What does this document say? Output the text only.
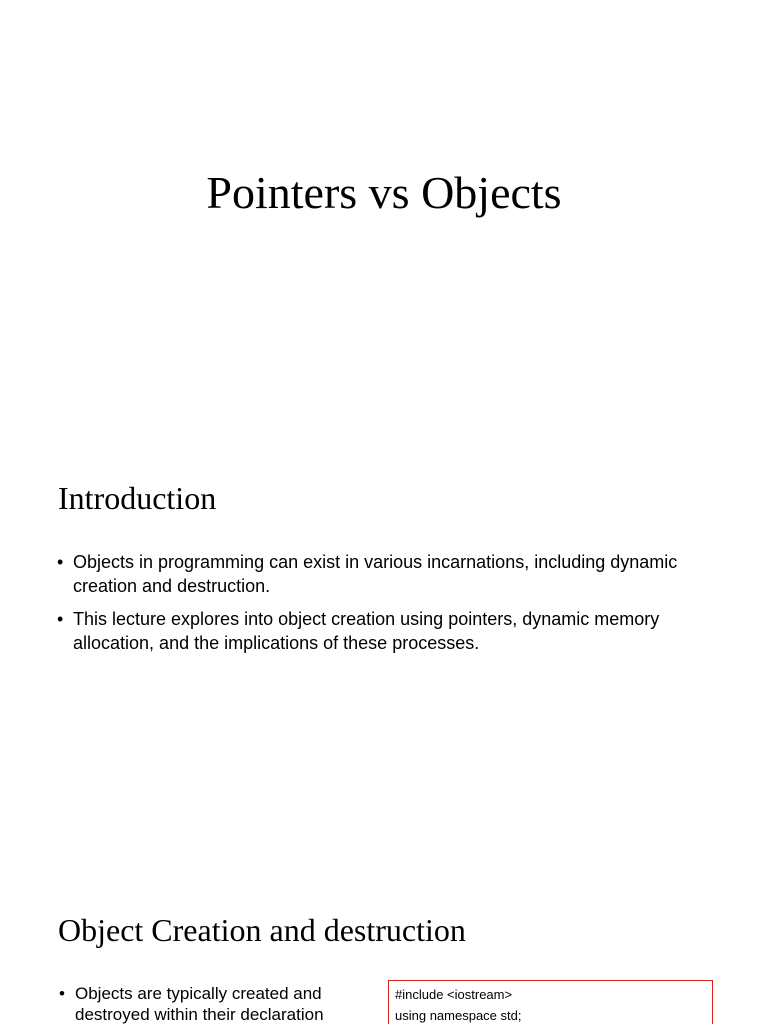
Pointers vs Objects
Introduction
• Objects in programming can exist in various incarnations, including dynamic creation and destruction.
• This lecture explores into object creation using pointers, dynamic memory allocation, and the implications of these processes.
Object Creation and destruction
• Objects are typically created and destroyed within their declaration
#include <iostream>
using namespace std;
